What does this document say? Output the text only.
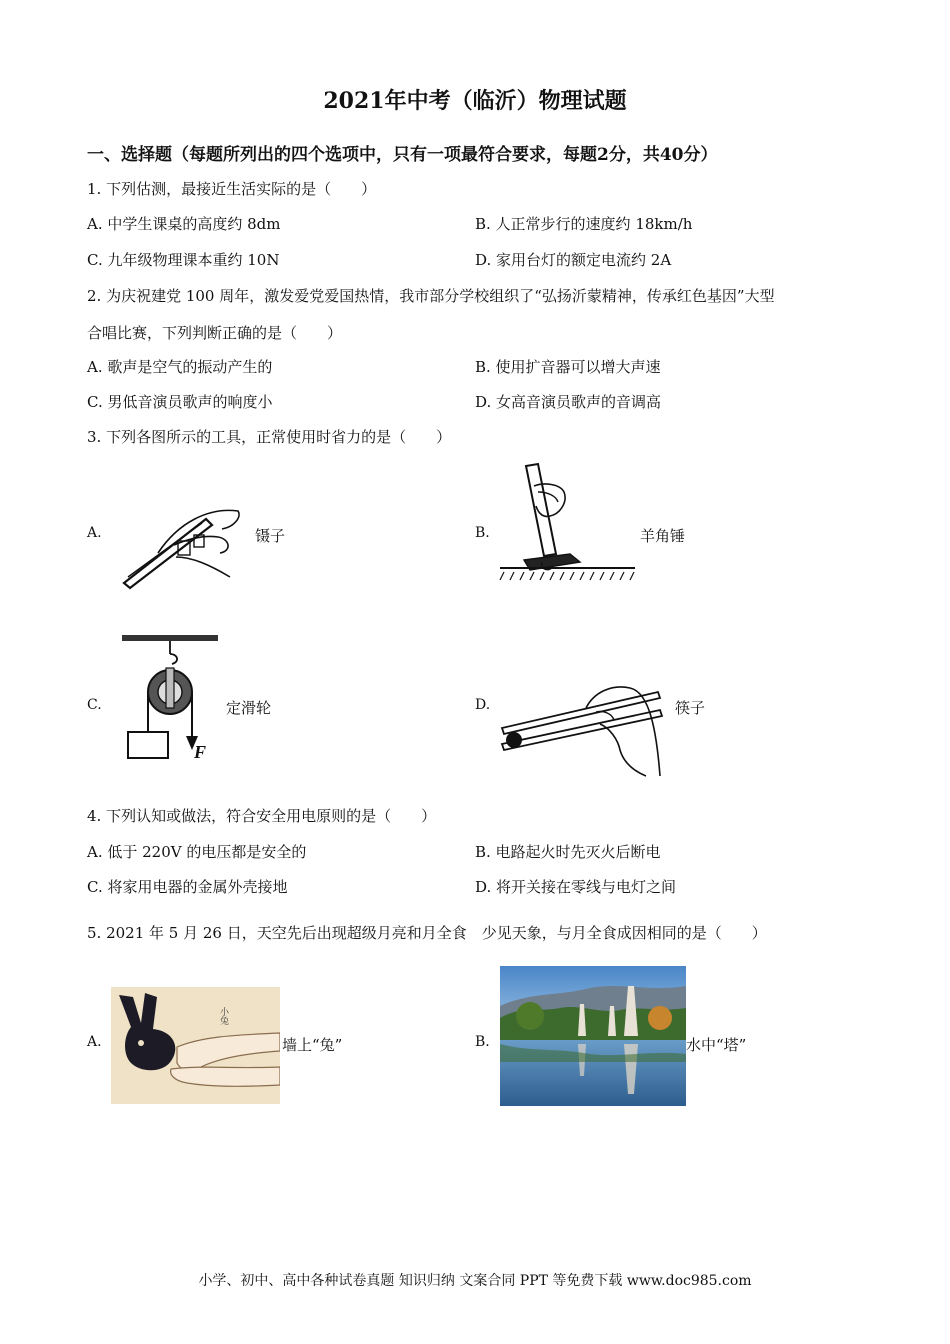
2021年中考（临沂）物理试题
一、选择题（每题所列出的四个选项中，只有一项最符合要求，每题2分，共40分）
1. 下列估测，最接近生活实际的是（　　）
A. 中学生课桌的高度约 8dm	B. 人正常步行的速度约 18km/h
C. 九年级物理课本重约 10N	D. 家用台灯的额定电流约 2A
2. 为庆祝建党 100 周年，激发爱党爱国热情，我市部分学校组织了“弘扬沂蒙精神，传承红色基因”大型
合唱比赛，下列判断正确的是（　　）
A. 歌声是空气的振动产生的	B. 使用扩音器可以增大声速
C. 男低音演员歌声的响度小	D. 女高音演员歌声的音调高
3. 下列各图所示的工具，正常使用时省力的是（　　）
A.	镊子	B.	羊角锤
C.
F
定滑轮	D.	筷子
4. 下列认知或做法，符合安全用电原则的是（　　）
A. 低于 220V 的电压都是安全的	B. 电路起火时先灭火后断电
C. 将家用电器的金属外壳接地	D. 将开关接在零线与电灯之间
5. 2021 年 5 月 26 日，天空先后出现超级月亮和月全食　少见天象，与月全食成因相同的是（　　）
A.
小兔
墙上“兔”	B.	水中“塔”
小学、初中、高中各种试卷真题 知识归纳 文案合同 PPT 等免费下载 www.doc985.com
